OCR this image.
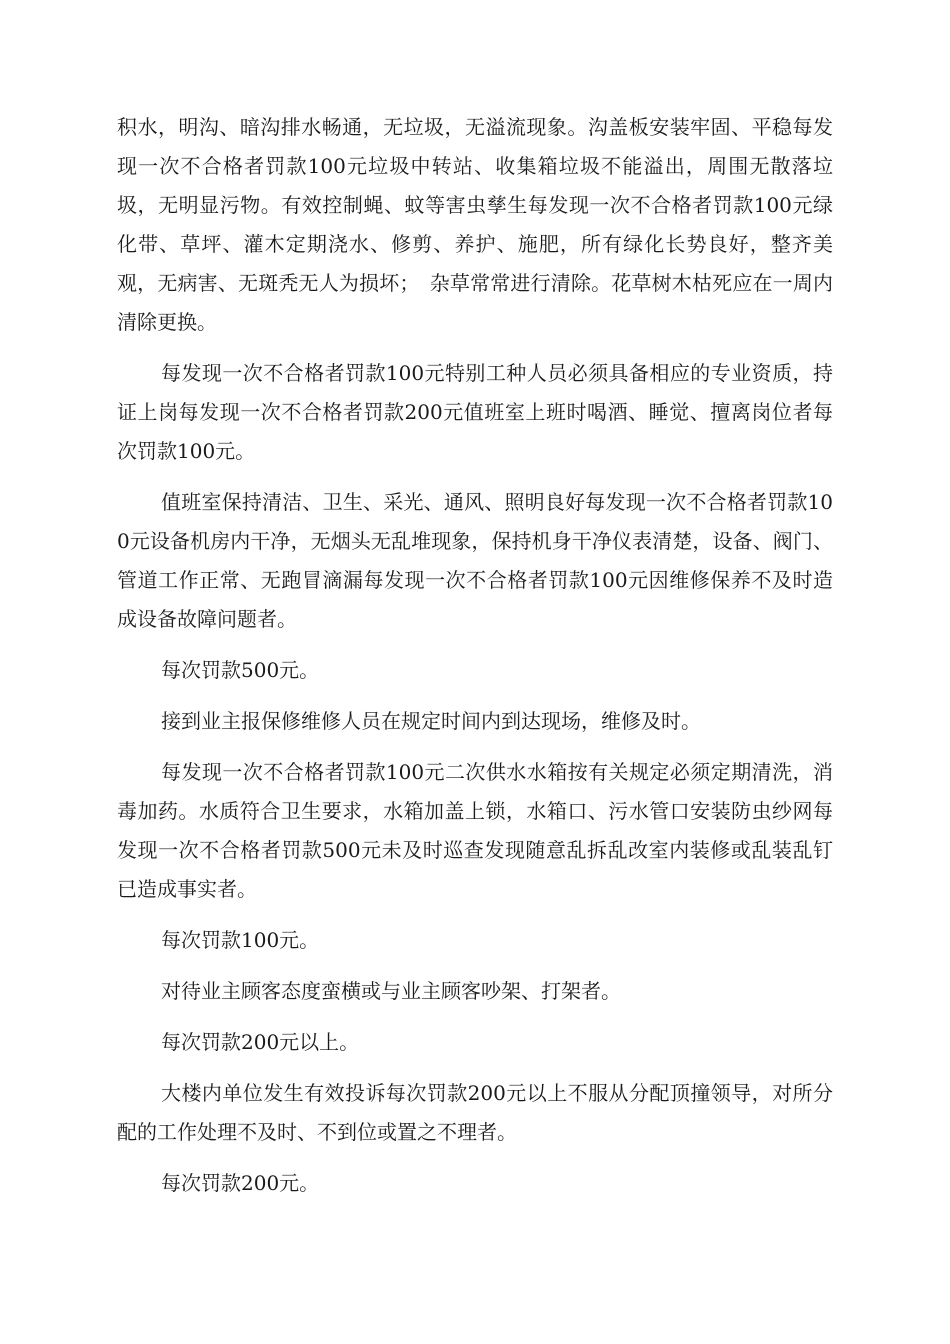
积水，明沟、暗沟排水畅通，无垃圾，无溢流现象。沟盖板安装牢固、平稳每发现一次不合格者罚款100元垃圾中转站、收集箱垃圾不能溢出，周围无散落垃圾，无明显污物。有效控制蝇、蚊等害虫孳生每发现一次不合格者罚款100元绿化带、草坪、灌木定期浇水、修剪、养护、施肥，所有绿化长势良好，整齐美观，无病害、无斑秃无人为损坏；　杂草常常进行清除。花草树木枯死应在一周内清除更换。

每发现一次不合格者罚款100元特别工种人员必须具备相应的专业资质，持证上岗每发现一次不合格者罚款200元值班室上班时喝酒、睡觉、擅离岗位者每次罚款100元。

值班室保持清洁、卫生、采光、通风、照明良好每发现一次不合格者罚款100元设备机房内干净，无烟头无乱堆现象，保持机身干净仪表清楚，设备、阀门、管道工作正常、无跑冒滴漏每发现一次不合格者罚款100元因维修保养不及时造成设备故障问题者。

每次罚款500元。

接到业主报保修维修人员在规定时间内到达现场，维修及时。

每发现一次不合格者罚款100元二次供水水箱按有关规定必须定期清洗，消毒加药。水质符合卫生要求，水箱加盖上锁，水箱口、污水管口安装防虫纱网每发现一次不合格者罚款500元未及时巡查发现随意乱拆乱改室内装修或乱装乱钉已造成事实者。

每次罚款100元。

对待业主顾客态度蛮横或与业主顾客吵架、打架者。

每次罚款200元以上。

大楼内单位发生有效投诉每次罚款200元以上不服从分配顶撞领导，对所分配的工作处理不及时、不到位或置之不理者。

每次罚款200元。
